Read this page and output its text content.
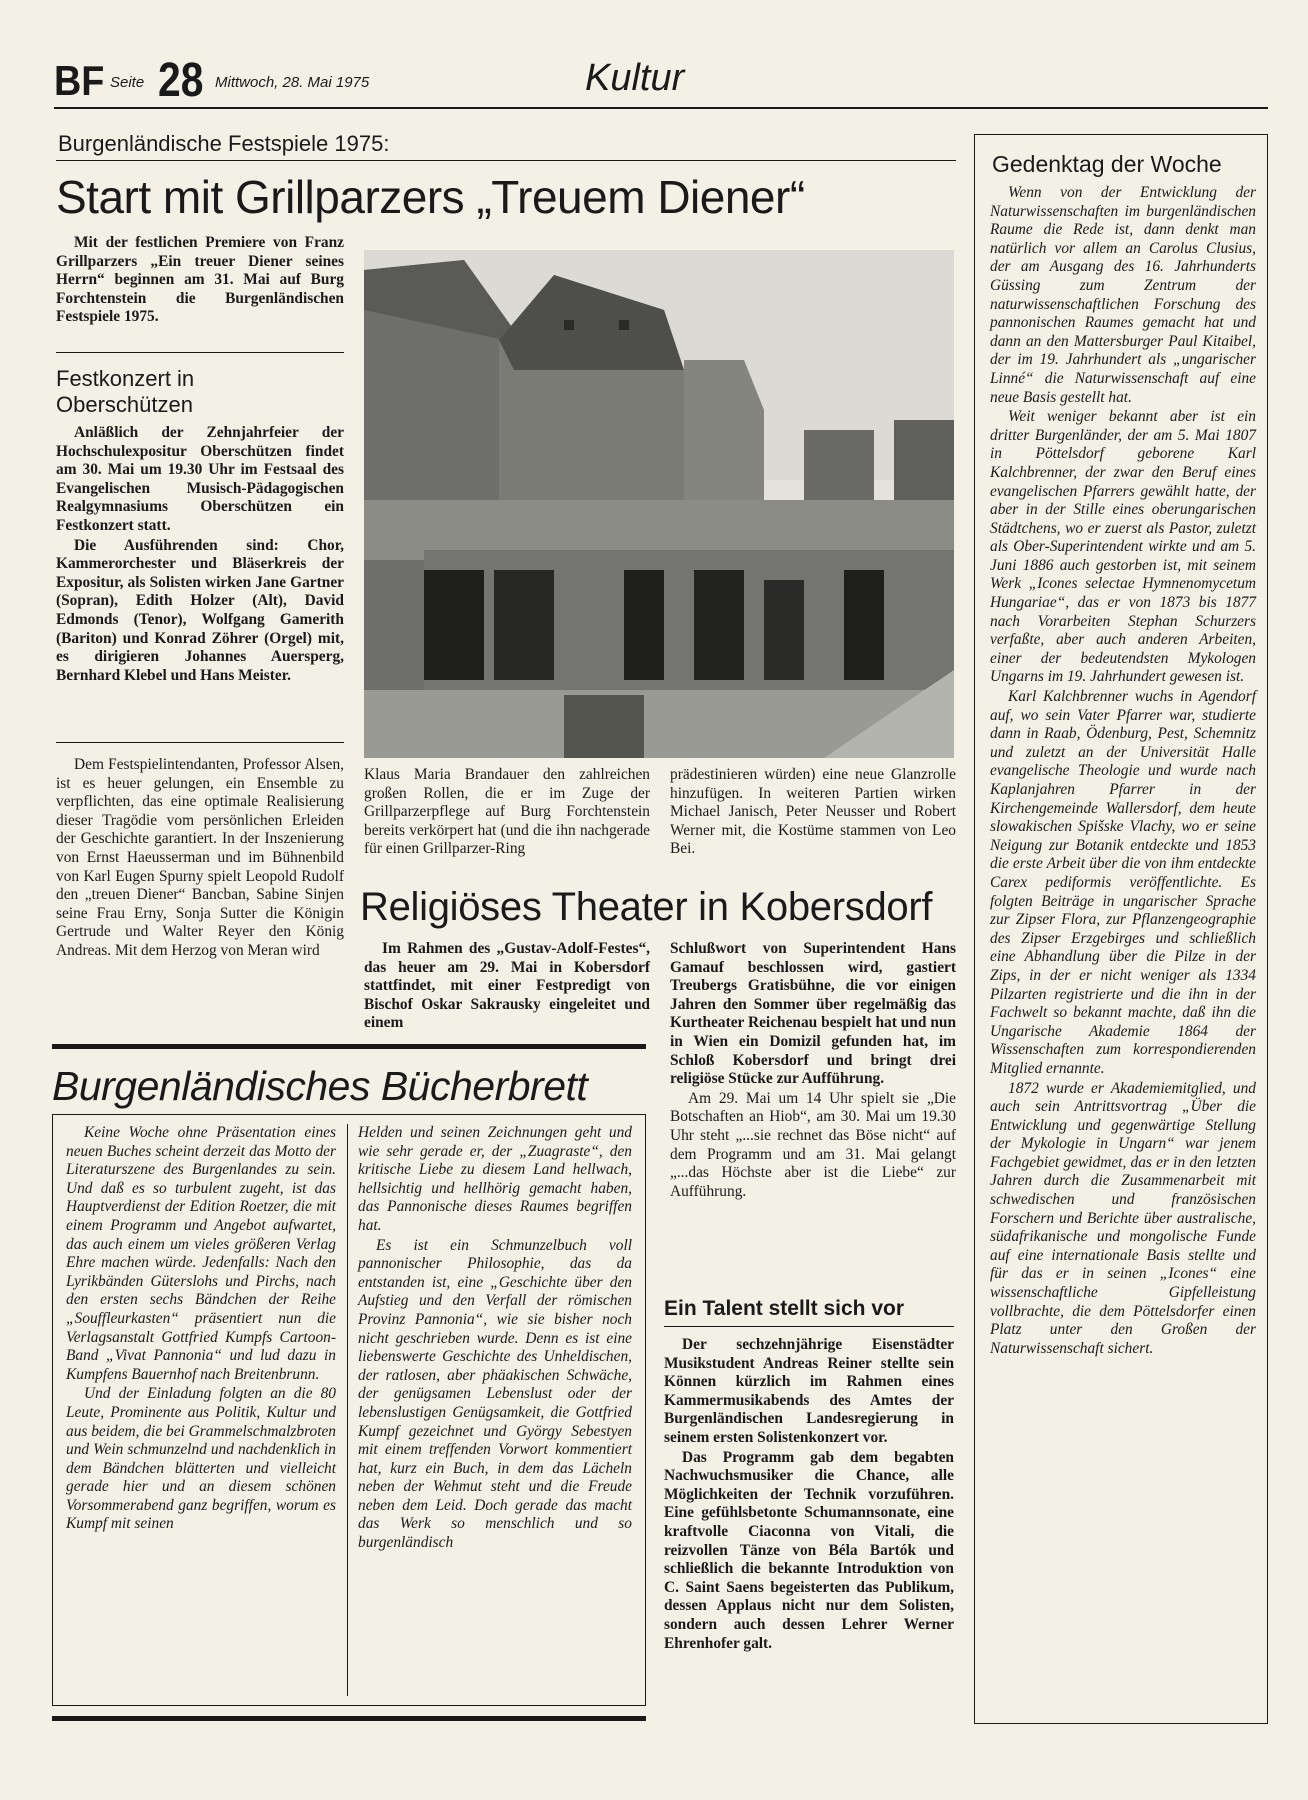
BF Seite 28 Mittwoch, 28. Mai 1975	Kultur
Burgenländische Festspiele 1975:
Start mit Grillparzers „Treuem Diener“

Mit der festlichen Premiere von Franz Grillparzers „Ein treuer Diener seines Herrn“ beginnen am 31. Mai auf Burg Forchtenstein die Burgenländischen Festspiele 1975.

Festkonzert in Oberschützen

Anläßlich der Zehnjahrfeier der Hochschulexpositur Oberschützen findet am 30. Mai um 19.30 Uhr im Festsaal des Evangelischen Musisch-Pädagogischen Realgymnasiums Oberschützen ein Festkonzert statt.

Die Ausführenden sind: Chor, Kammerorchester und Bläserkreis der Expositur, als Solisten wirken Jane Gartner (Sopran), Edith Holzer (Alt), David Edmonds (Tenor), Wolfgang Gamerith (Bariton) und Konrad Zöhrer (Orgel) mit, es dirigieren Johannes Auersperg, Bernhard Klebel und Hans Meister.

Dem Festspielintendanten, Professor Alsen, ist es heuer gelungen, ein Ensemble zu verpflichten, das eine optimale Realisierung dieser Tragödie vom persönlichen Erleiden der Geschichte garantiert. In der Inszenierung von Ernst Haeusserman und im Bühnenbild von Karl Eugen Spurny spielt Leopold Rudolf den „treuen Diener“ Bancban, Sabine Sinjen seine Frau Erny, Sonja Sutter die Königin Gertrude und Walter Reyer den König Andreas. Mit dem Herzog von Meran wird

Klaus Maria Brandauer den zahlreichen großen Rollen, die er im Zuge der Grillparzerpflege auf Burg Forchtenstein bereits verkörpert hat (und die ihn nachgerade für einen Grillparzer-Ring

prädestinieren würden) eine neue Glanzrolle hinzufügen. In weiteren Partien wirken Michael Janisch, Peter Neusser und Robert Werner mit, die Kostüme stammen von Leo Bei.

Religiöses Theater in Kobersdorf

Im Rahmen des „Gustav-Adolf-Festes“, das heuer am 29. Mai in Kobersdorf stattfindet, mit einer Festpredigt von Bischof Oskar Sakrausky eingeleitet und einem

Schlußwort von Superintendent Hans Gamauf beschlossen wird, gastiert Treubergs Gratisbühne, die vor einigen Jahren den Sommer über regelmäßig das Kurtheater Reichenau bespielt hat und nun in Wien ein Domizil gefunden hat, im Schloß Kobersdorf und bringt drei religiöse Stücke zur Aufführung.

Am 29. Mai um 14 Uhr spielt sie „Die Botschaften an Hiob“, am 30. Mai um 19.30 Uhr steht „...sie rechnet das Böse nicht“ auf dem Programm und am 31. Mai gelangt „...das Höchste aber ist die Liebe“ zur Aufführung.

Burgenländisches Bücherbrett

Keine Woche ohne Präsentation eines neuen Buches scheint derzeit das Motto der Literaturszene des Burgenlandes zu sein. Und daß es so turbulent zugeht, ist das Hauptverdienst der Edition Roetzer, die mit einem Programm und Angebot aufwartet, das auch einem um vieles größeren Verlag Ehre machen würde. Jedenfalls: Nach den Lyrikbänden Güterslohs und Pirchs, nach den ersten sechs Bändchen der Reihe „Souffleurkasten“ präsentiert nun die Verlagsanstalt Gottfried Kumpfs Cartoon-Band „Vivat Pannonia“ und lud dazu in Kumpfens Bauernhof nach Breitenbrunn.

Und der Einladung folgten an die 80 Leute, Prominente aus Politik, Kultur und aus beidem, die bei Grammelschmalzbroten und Wein schmunzelnd und nachdenklich in dem Bändchen blätterten und vielleicht gerade hier und an diesem schönen Vorsommerabend ganz begriffen, worum es Kumpf mit seinen

Helden und seinen Zeichnungen geht und wie sehr gerade er, der „Zuagraste“, den kritische Liebe zu diesem Land hellwach, hellsichtig und hellhörig gemacht haben, das Pannonische dieses Raumes begriffen hat.

Es ist ein Schmunzelbuch voll pannonischer Philosophie, das da entstanden ist, eine „Geschichte über den Aufstieg und den Verfall der römischen Provinz Pannonia“, wie sie bisher noch nicht geschrieben wurde. Denn es ist eine liebenswerte Geschichte des Unheldischen, der ratlosen, aber phäakischen Schwäche, der genügsamen Lebenslust oder der lebenslustigen Genügsamkeit, die Gottfried Kumpf gezeichnet und György Sebestyen mit einem treffenden Vorwort kommentiert hat, kurz ein Buch, in dem das Lächeln neben der Wehmut steht und die Freude neben dem Leid. Doch gerade das macht das Werk so menschlich und so burgenländisch

Ein Talent stellt sich vor

Der sechzehnjährige Eisenstädter Musikstudent Andreas Reiner stellte sein Können kürzlich im Rahmen eines Kammermusikabends des Amtes der Burgenländischen Landesregierung in seinem ersten Solistenkonzert vor.

Das Programm gab dem begabten Nachwuchsmusiker die Chance, alle Möglichkeiten der Technik vorzuführen. Eine gefühlsbetonte Schumannsonate, eine kraftvolle Ciaconna von Vitali, die reizvollen Tänze von Béla Bartók und schließlich die bekannte Introduktion von C. Saint Saens begeisterten das Publikum, dessen Applaus nicht nur dem Solisten, sondern auch dessen Lehrer Werner Ehrenhofer galt.

Gedenktag der Woche

Wenn von der Entwicklung der Naturwissenschaften im burgenländischen Raume die Rede ist, dann denkt man natürlich vor allem an Carolus Clusius, der am Ausgang des 16. Jahrhunderts Güssing zum Zentrum der naturwissenschaftlichen Forschung des pannonischen Raumes gemacht hat und dann an den Mattersburger Paul Kitaibel, der im 19. Jahrhundert als „ungarischer Linné“ die Naturwissenschaft auf eine neue Basis gestellt hat.

Weit weniger bekannt aber ist ein dritter Burgenländer, der am 5. Mai 1807 in Pöttelsdorf geborene Karl Kalchbrenner, der zwar den Beruf eines evangelischen Pfarrers gewählt hatte, der aber in der Stille eines oberungarischen Städtchens, wo er zuerst als Pastor, zuletzt als Ober-Superintendent wirkte und am 5. Juni 1886 auch gestorben ist, mit seinem Werk „Icones selectae Hymnenomycetum Hungariae“, das er von 1873 bis 1877 nach Vorarbeiten Stephan Schurzers verfaßte, aber auch anderen Arbeiten, einer der bedeutendsten Mykologen Ungarns im 19. Jahrhundert gewesen ist.

Karl Kalchbrenner wuchs in Agendorf auf, wo sein Vater Pfarrer war, studierte dann in Raab, Ödenburg, Pest, Schemnitz und zuletzt an der Universität Halle evangelische Theologie und wurde nach Kaplanjahren Pfarrer in der Kirchengemeinde Wallersdorf, dem heute slowakischen Spišske Vlachy, wo er seine Neigung zur Botanik entdeckte und 1853 die erste Arbeit über die von ihm entdeckte Carex pediformis veröffentlichte. Es folgten Beiträge in ungarischer Sprache zur Zipser Flora, zur Pflanzengeographie des Zipser Erzgebirges und schließlich eine Abhandlung über die Pilze in der Zips, in der er nicht weniger als 1334 Pilzarten registrierte und die ihn in der Fachwelt so bekannt machte, daß ihn die Ungarische Akademie 1864 der Wissenschaften zum korrespondierenden Mitglied ernannte.

1872 wurde er Akademiemitglied, und auch sein Antrittsvortrag „Über die Entwicklung und gegenwärtige Stellung der Mykologie in Ungarn“ war jenem Fachgebiet gewidmet, das er in den letzten Jahren durch die Zusammenarbeit mit schwedischen und französischen Forschern und Berichte über australische, südafrikanische und mongolische Funde auf eine internationale Basis stellte und für das er in seinen „Icones“ eine wissenschaftliche Gipfelleistung vollbrachte, die dem Pöttelsdorfer einen Platz unter den Großen der Naturwissenschaft sichert.
